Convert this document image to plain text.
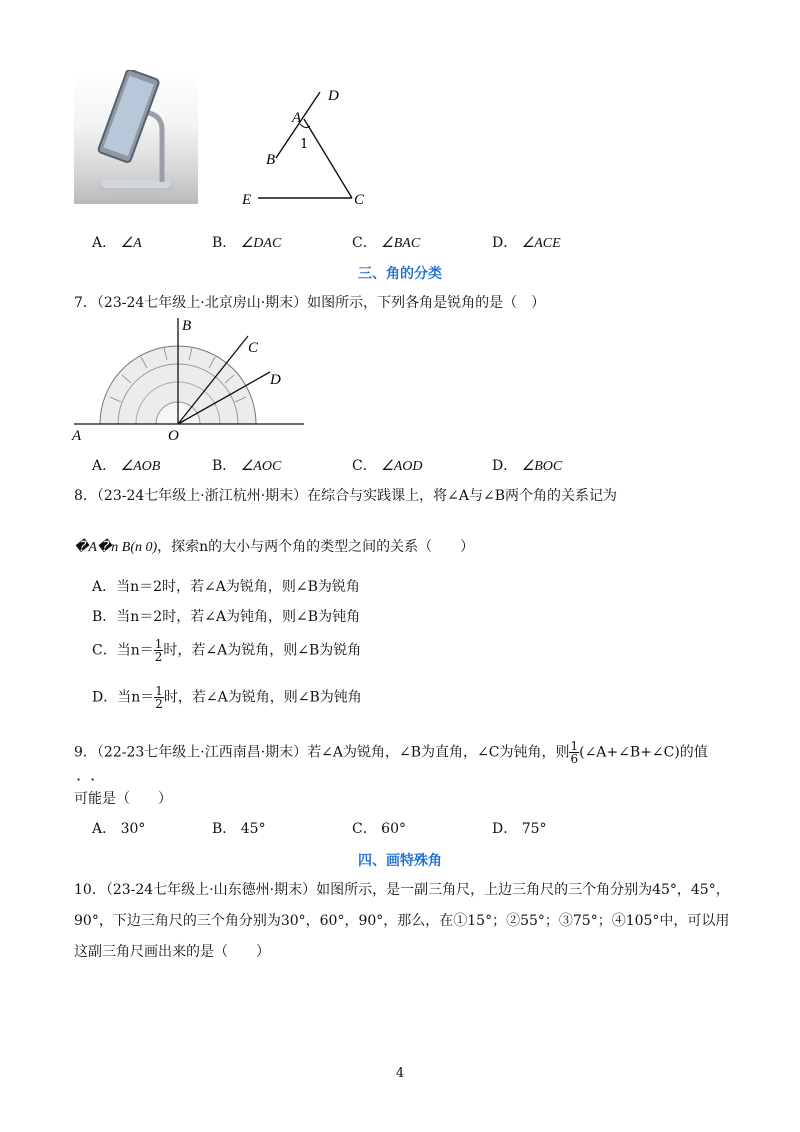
D
A
B
1
E	C
A． ∠A	B． ∠DAC	C． ∠BAC	D． ∠ACE
三、角的分类
7．（23-24七年级上·北京房山·期末）如图所示，下列各角是锐角的是（　）
B
C
D
A	O
A． ∠AOB	B． ∠AOC	C． ∠AOD	D． ∠BOC
8．（23-24七年级上·浙江杭州·期末）在综合与实践课上，将∠A与∠B两个角的关系记为
�A�n B(n 0)，探索n的大小与两个角的类型之间的关系（　　）
A．当n＝2时，若∠A为锐角，则∠B为锐角
B．当n＝2时，若∠A为钝角，则∠B为钝角
C．当$n= \frac{1}{2}$ 时，若∠A为锐角，则∠B为锐角
D．当$n= \frac{1}{2}$ 时，若∠A为锐角，则∠B为钝角
9．（22-23七年级上·江西南昌·期末）若∠A为锐角，∠B为直角，∠C为钝角，则 $\frac{1}{6}$ (∠A+∠B+∠C)的值
· ·
可能是（　　）
A． 30°	B． 45°	C． 60°	D． 75°
四、画特殊角
10．（23-24七年级上·山东德州·期末）如图所示，是一副三角尺，上边三角尺的三个角分别为45°，45°，
90°，下边三角尺的三个角分别为30°，60°，90°，那么，在①15°；②55°；③75°；④105°中，可以用
这副三角尺画出来的是（　　）
4
